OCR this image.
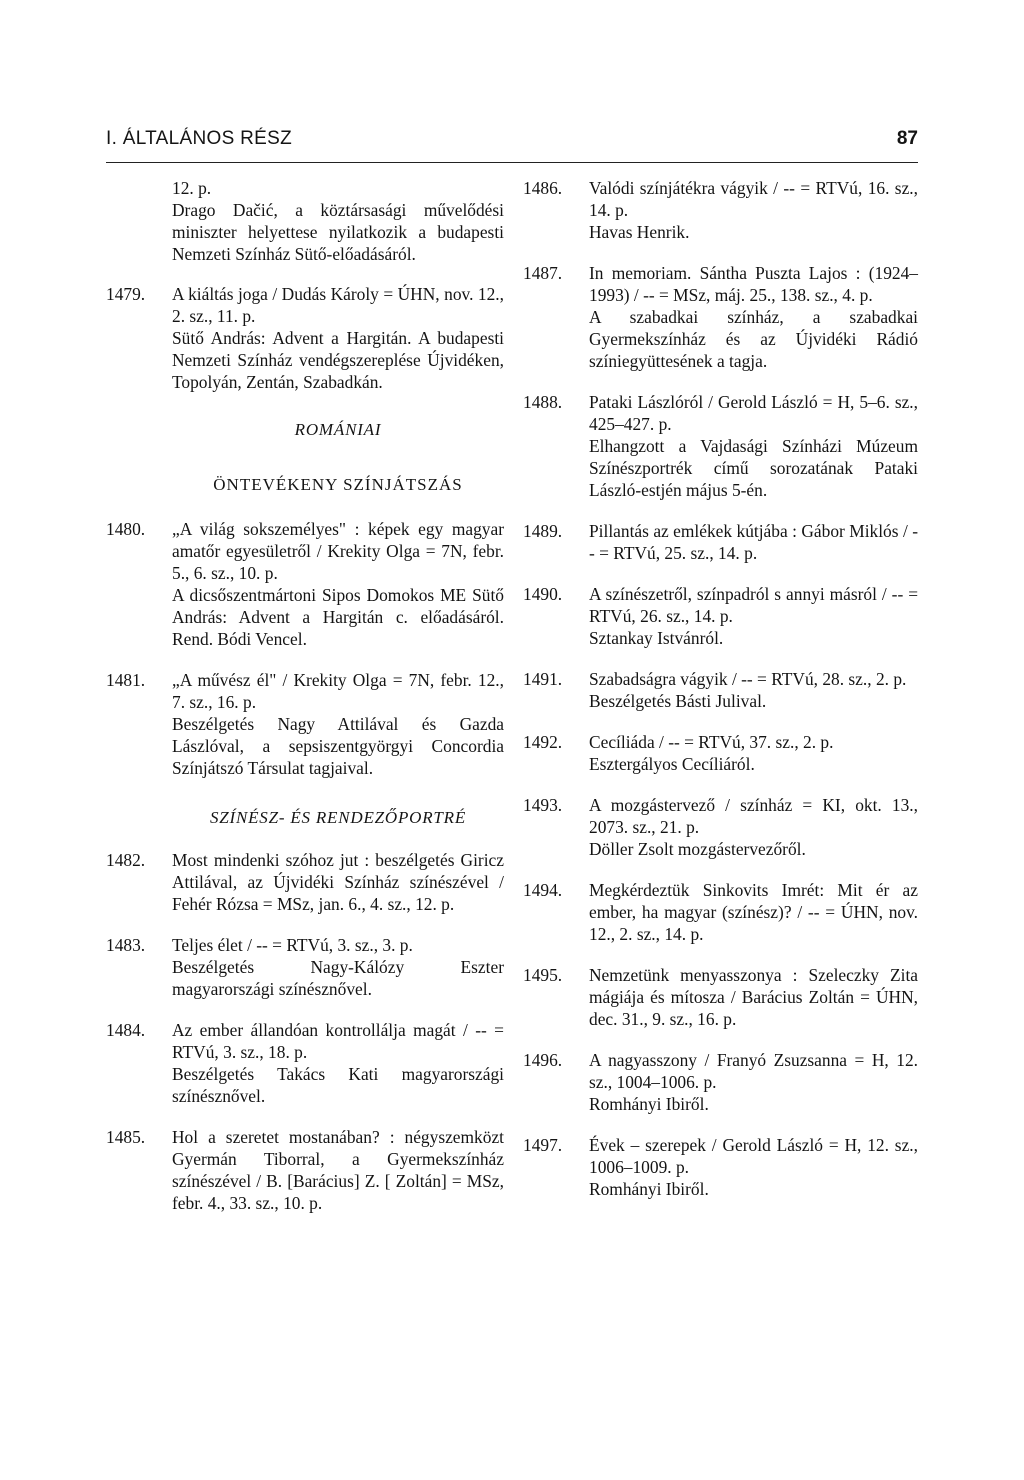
I. ÁLTALÁNOS RÉSZ	87

12. p.

Drago Dačić, a köztársasági művelődési miniszter helyettese nyilatkozik a budapesti Nemzeti Színház Sütő-előadásáról.

1479.	A kiáltás joga / Dudás Károly = ÚHN, nov. 12., 2. sz., 11. p.

Sütő András: Advent a Hargitán. A budapesti Nemzeti Színház vendégszereplése Újvidéken, Topolyán, Zentán, Szabadkán.

ROMÁNIAI
ÖNTEVÉKENY SZÍNJÁTSZÁS
1480.	„A világ sokszemélyes" : képek egy magyar amatőr egyesületről / Krekity Olga = 7N, febr. 5., 6. sz., 10. p.

A dicsőszentmártoni Sipos Domokos ME Sütő András: Advent a Hargitán c. előadásáról. Rend. Bódi Vencel.

1481.	„A művész él" / Krekity Olga = 7N, febr. 12., 7. sz., 16. p.

Beszélgetés Nagy Attilával és Gazda Lászlóval, a sepsiszentgyörgyi Concordia Színjátszó Társulat tagjaival.

SZÍNÉSZ- ÉS RENDEZŐPORTRÉ
1482.	Most mindenki szóhoz jut : beszélgetés Giricz Attilával, az Újvidéki Színház színészével / Fehér Rózsa = MSz, jan. 6., 4. sz., 12. p.

1483.	Teljes élet / -- = RTVú, 3. sz., 3. p.

Beszélgetés Nagy-Kálózy Eszter magyarországi színésznővel.

1484.	Az ember állandóan kontrollálja magát / -- = RTVú, 3. sz., 18. p.

Beszélgetés Takács Kati magyarországi színésznővel.

1485.	Hol a szeretet mostanában? : négyszemközt Gyermán Tiborral, a Gyermekszínház színészével / B. [Barácius] Z. [ Zoltán] = MSz, febr. 4., 33. sz., 10. p.

1486.	Valódi színjátékra vágyik / -- = RTVú, 16. sz., 14. p.

Havas Henrik.

1487.	In memoriam. Sántha Puszta Lajos : (1924–1993) / -- = MSz, máj. 25., 138. sz., 4. p.

A szabadkai színház, a szabadkai Gyermekszínház és az Újvidéki Rádió színiegyüttesének a tagja.

1488.	Pataki Lászlóról / Gerold László = H, 5–6. sz., 425–427. p.

Elhangzott a Vajdasági Színházi Múzeum Színészportrék című sorozatának Pataki László-estjén május 5-én.

1489.	Pillantás az emlékek kútjába : Gábor Miklós / -- = RTVú, 25. sz., 14. p.

1490.	A színészetről, színpadról s annyi másról / -- = RTVú, 26. sz., 14. p.

Sztankay Istvánról.

1491.	Szabadságra vágyik / -- = RTVú, 28. sz., 2. p.

Beszélgetés Básti Julival.

1492.	Cecíliáda / -- = RTVú, 37. sz., 2. p.

Esztergályos Cecíliáról.

1493.	A mozgástervező / színház = KI, okt. 13., 2073. sz., 21. p.

Döller Zsolt mozgástervezőről.

1494.	Megkérdeztük Sinkovits Imrét: Mit ér az ember, ha magyar (színész)? / -- = ÚHN, nov. 12., 2. sz., 14. p.

1495.	Nemzetünk menyasszonya : Szeleczky Zita mágiája és mítosza / Barácius Zoltán = ÚHN, dec. 31., 9. sz., 16. p.

1496.	A nagyasszony / Franyó Zsuzsanna = H, 12. sz., 1004–1006. p.

Romhányi Ibiről.

1497.	Évek – szerepek / Gerold László = H, 12. sz., 1006–1009. p.

Romhányi Ibiről.
